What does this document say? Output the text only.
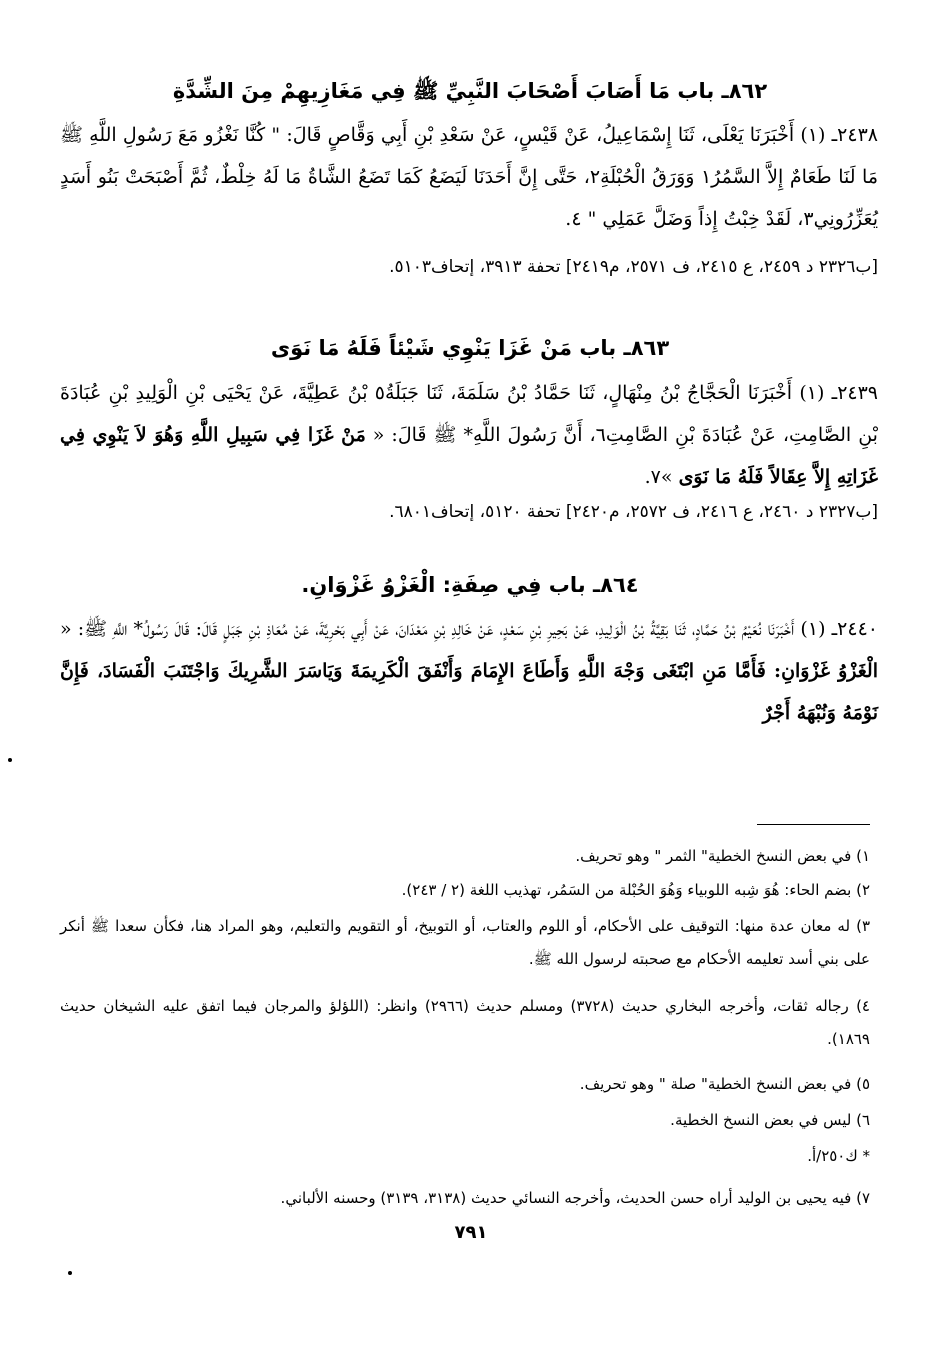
٨٦٢ـ باب مَا أَصَابَ أَصْحَابَ النَّبِيِّ ﷺ فِي مَغَازِيهِمْ مِنَ الشِّدَّةِ
٢٤٣٨ـ (١) أَخْبَرَنَا يَعْلَى، ثَنَا إِسْمَاعِيلُ، عَنْ قَيْسٍ، عَنْ سَعْدِ بْنِ أَبِي وَقَّاصٍ قَالَ: " كُنَّا نَغْزُو مَعَ رَسُولِ اللَّهِ ﷺ مَا لَنَا طَعَامٌ إِلاَّ السَّمُرُ١ وَوَرَقُ الْحُبْلَةِ٢، حَتَّى إِنَّ أَحَدَنَا لَيَضَعُ كَمَا تَضَعُ الشَّاةُ مَا لَهُ خِلْطٌ، ثُمَّ أَصْبَحَتْ بَنُو أَسَدٍ يُعَزِّرُونِي٣، لَقَدْ خِبْتُ إِذاً وَضَلَّ عَمَلِي " ٤.
[ب٢٣٢٦ د ٢٤٥٩، ع ٢٤١٥، ف ٢٥٧١، م٢٤١٩] تحفة ٣٩١٣، إتحاف٥١٠٣.
٨٦٣ـ باب مَنْ غَزَا يَنْوِي شَيْئاً فَلَهُ مَا نَوَى
٢٤٣٩ـ (١) أَخْبَرَنَا الْحَجَّاجُ بْنُ مِنْهَالٍ، ثَنَا حَمَّادُ بْنُ سَلَمَةَ، ثَنَا جَبَلَةُ٥ بْنُ عَطِيَّةَ، عَنْ يَحْيَى بْنِ الْوَلِيدِ بْنِ عُبَادَةَ بْنِ الصَّامِتِ، عَنْ عُبَادَةَ بْنِ الصَّامِتِ٦، أَنَّ رَسُولَ اللَّهِ* ﷺ قَالَ: « مَنْ غَزَا فِي سَبِيلِ اللَّهِ وَهُوَ لاَ يَنْوِي فِي غَزَاتِهِ إِلاَّ عِقَالاً فَلَهُ مَا نَوَى »٧.
[ب٢٣٢٧ د ٢٤٦٠، ع ٢٤١٦، ف ٢٥٧٢، م٢٤٢٠] تحفة ٥١٢٠، إتحاف٦٨٠١.
٨٦٤ـ باب فِي صِفَةِ: الْغَزْوُ غَزْوَانِ.
٢٤٤٠ـ (١) أَخْبَرَنَا نُعَيْمُ بْنُ حَمَّادٍ، ثَنَا بَقِيَّةُ بْنُ الْوَلِيدِ، عَنْ بَحِيرِ بْنِ سَعْدٍ، عَنْ خَالِدِ بْنِ مَعْدَانَ، عَنْ أَبِي بَحْرِيَّةَ، عَنْ مُعَاذِ بْنِ جَبَلٍ قَالَ: قَالَ رَسُولُ* اللَّهِ ﷺ: « الْغَزْوُ غَزْوَانِ: فَأَمَّا مَنِ ابْتَغَى وَجْهَ اللَّهِ وَأَطَاعَ الإِمَامَ وَأَنْفَقَ الْكَرِيمَةَ وَيَاسَرَ الشَّرِيكَ وَاجْتَنَبَ الْفَسَادَ، فَإِنَّ نَوْمَهُ وَنُبْهَهُ أَجْرٌ
١) في بعض النسخ الخطية" الثمر " وهو تحريف.
٢) بضم الحاء: هُوَ شِبه اللوبياء وَهُوَ الحُبْلة من السَمُر، تهذيب اللغة (٢ / ٢٤٣).
٣) له معان عدة منها: التوقيف على الأحكام، أو اللوم والعتاب، أو التوبيخ، أو التقويم والتعليم، وهو المراد هنا، فكأن سعدا ﷺ أنكر على بني أسد تعليمه الأحكام مع صحبته لرسول الله ﷺ.
٤) رجاله ثقات، وأخرجه البخاري حديث (٣٧٢٨) ومسلم حديث (٢٩٦٦) وانظر: (اللؤلؤ والمرجان فيما اتفق عليه الشيخان حديث ١٨٦٩).
٥) في بعض النسخ الخطية" صلة " وهو تحريف.
٦) ليس في بعض النسخ الخطية.
* ك٢٥٠/أ.
٧) فيه يحيى بن الوليد أراه حسن الحديث، وأخرجه النسائي حديث (٣١٣٨، ٣١٣٩) وحسنه الألباني.
٧٩١
